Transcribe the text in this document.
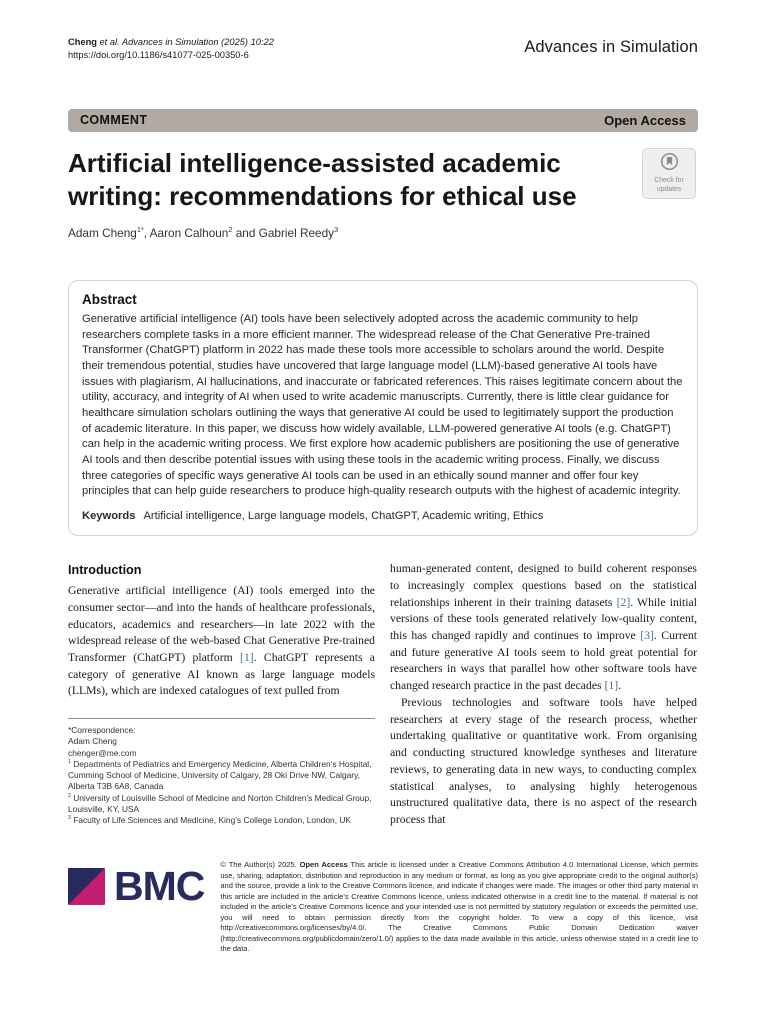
Cheng et al. Advances in Simulation (2025) 10:22
https://doi.org/10.1186/s41077-025-00350-6	Advances in Simulation
COMMENT	Open Access
Check for
updates
Artificial intelligence-assisted academic
writing: recommendations for ethical use
Adam Cheng$^{1*}$, Aaron Calhoun$^2$ and Gabriel Reedy$^3$
Abstract

Generative artificial intelligence (AI) tools have been selectively adopted across the academic community to help researchers complete tasks in a more efficient manner. The widespread release of the Chat Generative Pre-trained Transformer (ChatGPT) platform in 2022 has made these tools more accessible to scholars around the world. Despite their tremendous potential, studies have uncovered that large language model (LLM)-based generative AI tools have issues with plagiarism, AI hallucinations, and inaccurate or fabricated references. This raises legitimate concern about the utility, accuracy, and integrity of AI when used to write academic manuscripts. Currently, there is little clear guidance for healthcare simulation scholars outlining the ways that generative AI could be used to legitimately support the production of academic literature. In this paper, we discuss how widely available, LLM-powered generative AI tools (e.g. ChatGPT) can help in the academic writing process. We first explore how academic publishers are positioning the use of generative AI tools and then describe potential issues with using these tools in the academic writing process. Finally, we discuss three categories of specific ways generative AI tools can be used in an ethically sound manner and offer four key principles that can help guide researchers to produce high-quality research outputs with the highest of academic integrity.

Keywords Artificial intelligence, Large language models, ChatGPT, Academic writing, Ethics
Introduction

Generative artificial intelligence (AI) tools emerged into the consumer sector—and into the hands of healthcare professionals, educators, academics and researchers—in late 2022 with the widespread release of the web-based Chat Generative Pre-trained Transformer (ChatGPT) platform [1]. ChatGPT represents a category of generative AI known as large language models (LLMs), which are indexed catalogues of text pulled from

*Correspondence:
Adam Cheng
chenger@me.com
$^1$ Departments of Pediatrics and Emergency Medicine, Alberta Children’s Hospital, Cumming School of Medicine, University of Calgary, 28 Oki Drive NW, Calgary, Alberta T3B 6A8, Canada
$^2$ University of Louisville School of Medicine and Norton Children’s Medical Group, Louisville, KY, USA
$^3$ Faculty of Life Sciences and Medicine, King’s College London, London, UK

human-generated content, designed to build coherent responses to increasingly complex questions based on the statistical relationships inherent in their training datasets [2]. While initial versions of these tools generated relatively low-quality content, this has changed rapidly and continues to improve [3]. Current and future generative AI tools seem to hold great potential for researchers in ways that parallel how other software tools have changed research practice in the past decades [1].

Previous technologies and software tools have helped researchers at every stage of the research process, whether undertaking qualitative or quantitative work. From organising and conducting structured knowledge syntheses and literature reviews, to generating data in new ways, to conducting complex statistical analyses, to analysing highly heterogenous unstructured qualitative data, there is no aspect of the research process that

BMC © The Author(s) 2025. Open Access This article is licensed under a Creative Commons Attribution 4.0 International License, which permits use, sharing, adaptation, distribution and reproduction in any medium or format, as long as you give appropriate credit to the original author(s) and the source, provide a link to the Creative Commons licence, and indicate if changes were made. The images or other third party material in this article are included in the article’s Creative Commons licence, unless indicated otherwise in a credit line to the material. If material is not included in the article’s Creative Commons licence and your intended use is not permitted by statutory regulation or exceeds the permitted use, you will need to obtain permission directly from the copyright holder. To view a copy of this licence, visit http://creativecommons.org/licenses/by/4.0/. The Creative Commons Public Domain Dedication waiver (http://creativecommons.org/publicdomain/zero/1.0/) applies to the data made available in this article, unless otherwise stated in a credit line to the data.
